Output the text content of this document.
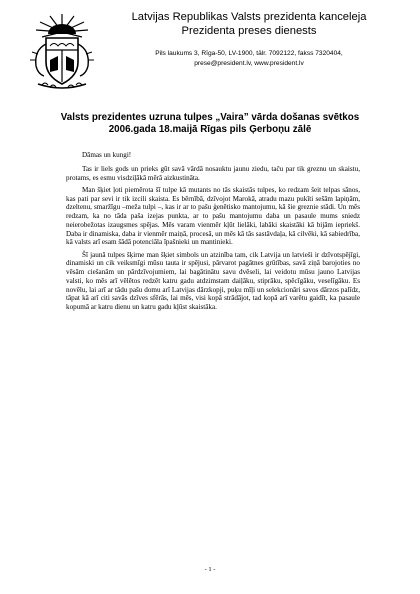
Latvijas Republikas Valsts prezidenta kanceleja
Prezidenta preses dienests
Pils laukums 3, Rīga-50, LV-1900, tālr. 7092122, fakss 7320404,
prese@president.lv, www.president.lv
Valsts prezidentes uzruna tulpes „Vaira” vārda došanas svētkos
2006.gada 18.maijā Rīgas pils Ģerboņu zālē

Dāmas un kungi!

Tas ir liels gods un prieks gūt savā vārdā nosauktu jaunu ziedu, taču par tik greznu un skaistu, protams, es esmu visdziļākā mērā aizkustināta.

Man šķiet ļoti piemērota šī tulpe kā mutants no tās skaistās tulpes, ko redzam šeit telpas sānos, kas pati par sevi ir tik izcili skaista. Es bērnībā, dzīvojot Marokā, atradu mazu pukīti sešām lapiņām, dzeltenu, smaržīgu –meža tulpi –, kas ir ar to pašu ģenētisko mantojumu, kā šie greznie stādi. Un mēs redzam, ka no tāda paša izejas punkta, ar to pašu mantojumu daba un pasaule mums sniedz neierobežotas izaugsmes spējas. Mēs varam vienmēr kļūt lielāki, labāki skaistāki kā bijām iepriekš. Daba ir dinamiska, daba ir vienmēr maiņā, procesā, un mēs kā tās sastāvdaļa, kā cilvēki, kā sabiedrība, kā valsts arī esam šādā potenciāla īpašnieki un mantinieki.

Šī jaunā tulpes šķirne man šķiet simbols un atzinība tam, cik Latvija un latvieši ir dzīvotspējīgi, dinamiski un cik veiksmīgi mūsu tauta ir spējusi, pārvarot pagātnes grūtības, savā ziņā barojoties no vēsām ciešanām un pārdzīvojumiem, lai bagātinātu savu dvēseli, lai veidotu mūsu jauno Latvijas valsti, ko mēs arī vēlētos redzēt katru gadu atdzimstam daiļāku, stiprāku, spēcīgāku, veselīgāku. Es novēlu, lai arī ar tādu pašu domu arī Latvijas dārzkopji, puķu mīļi un selekcionāri savos dārzos palīdz, tāpat kā arī citi savās dzīves sfērās, lai mēs, visi kopā strādājot, tad kopā arī varētu gaidīt, ka pasaule kopumā ar katru dienu un katru gadu kļūst skaistāka.

- 1 -
